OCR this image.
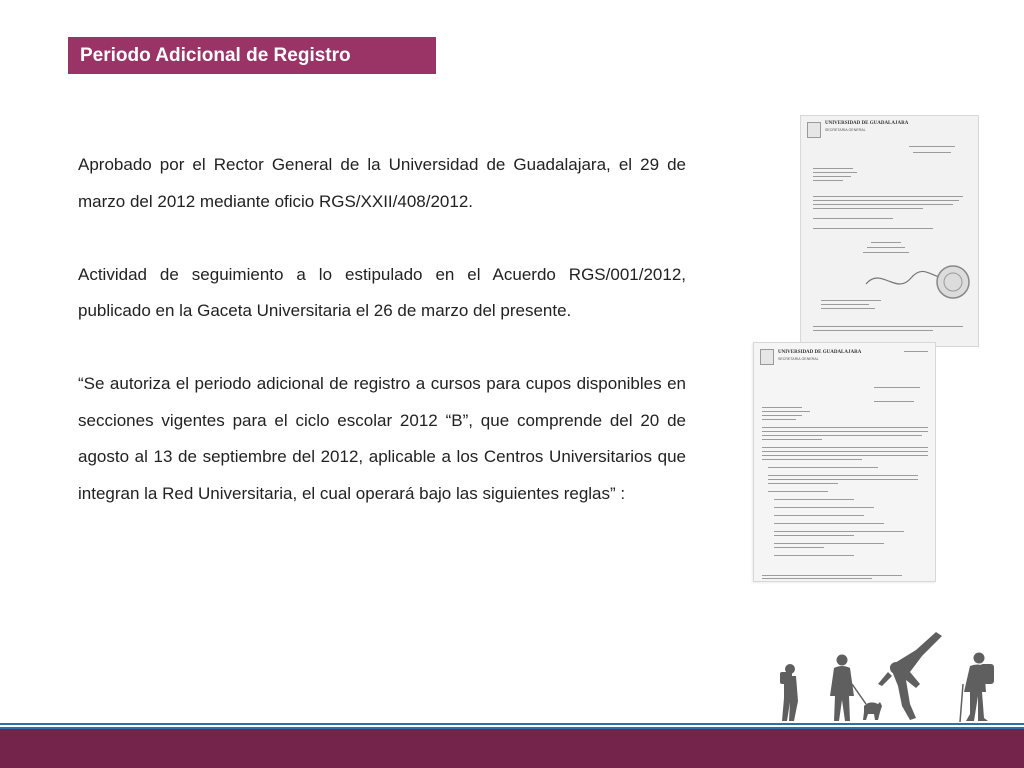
Periodo Adicional de Registro

Aprobado por el Rector General de la Universidad de Guadalajara, el 29 de marzo del 2012 mediante oficio RGS/XXII/408/2012.

Actividad de seguimiento a lo estipulado en el Acuerdo RGS/001/2012, publicado en la Gaceta Universitaria el 26 de marzo del presente.

“Se autoriza el periodo adicional de registro a cursos para cupos disponibles en secciones vigentes para el ciclo escolar 2012 “B”, que comprende del 20 de agosto al 13 de septiembre del 2012, aplicable a los Centros Universitarios que integran la Red Universitaria, el cual operará bajo las siguientes reglas” :

UNIVERSIDAD DE GUADALAJARA
SECRETARIA GENERAL
UNIVERSIDAD DE GUADALAJARA
SECRETARIA GENERAL
